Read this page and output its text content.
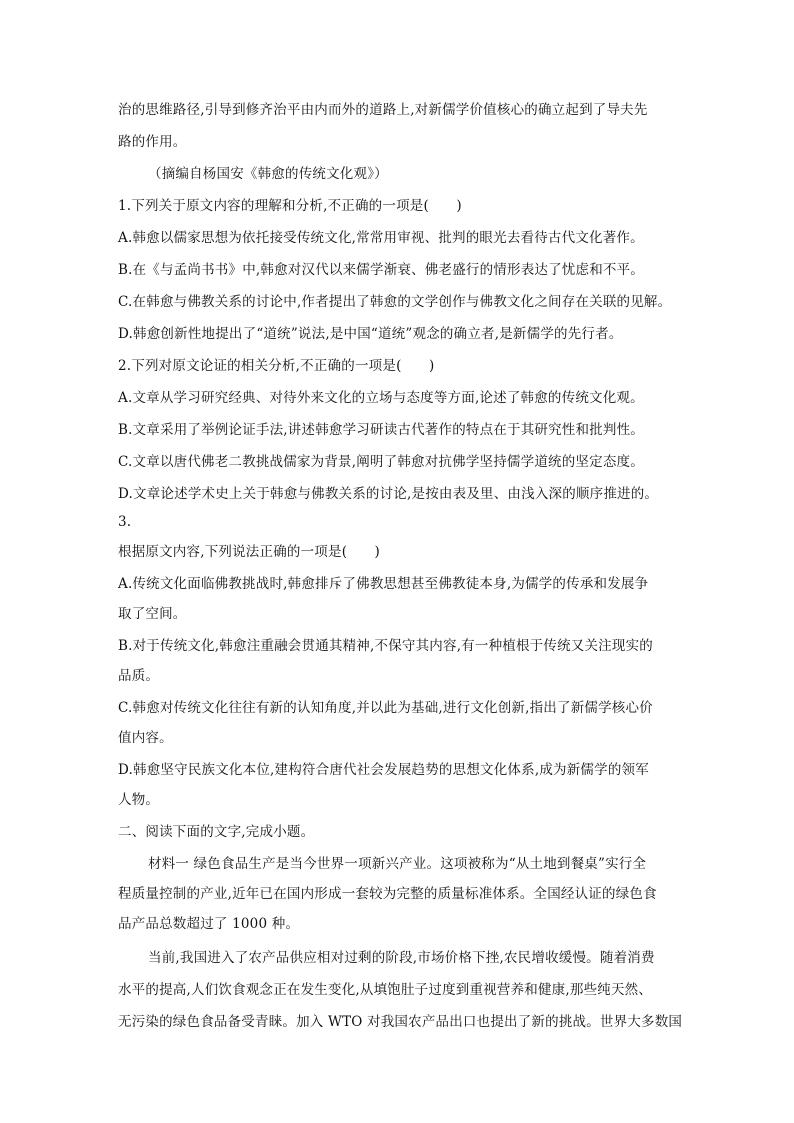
治的思维路径,引导到修齐治平由内而外的道路上,对新儒学价值核心的确立起到了导夫先
路的作用。
（摘编自杨国安《韩愈的传统文化观》）
1.下列关于原文内容的理解和分析,不正确的一项是(　　)
A.韩愈以儒家思想为依托接受传统文化,常常用审视、批判的眼光去看待古代文化著作。
B.在《与孟尚书书》中,韩愈对汉代以来儒学渐衰、佛老盛行的情形表达了忧虑和不平。
C.在韩愈与佛教关系的讨论中,作者提出了韩愈的文学创作与佛教文化之间存在关联的见解。
D.韩愈创新性地提出了“道统”说法,是中国“道统”观念的确立者,是新儒学的先行者。
2.下列对原文论证的相关分析,不正确的一项是(　　)
A.文章从学习研究经典、对待外来文化的立场与态度等方面,论述了韩愈的传统文化观。
B.文章采用了举例论证手法,讲述韩愈学习研读古代著作的特点在于其研究性和批判性。
C.文章以唐代佛老二教挑战儒家为背景,阐明了韩愈对抗佛学坚持儒学道统的坚定态度。
D.文章论述学术史上关于韩愈与佛教关系的讨论,是按由表及里、由浅入深的顺序推进的。
3.
根据原文内容,下列说法正确的一项是(　　)
A.传统文化面临佛教挑战时,韩愈排斥了佛教思想甚至佛教徒本身,为儒学的传承和发展争
取了空间。
B.对于传统文化,韩愈注重融会贯通其精神,不保守其内容,有一种植根于传统又关注现实的
品质。
C.韩愈对传统文化往往有新的认知角度,并以此为基础,进行文化创新,指出了新儒学核心价
值内容。
D.韩愈坚守民族文化本位,建构符合唐代社会发展趋势的思想文化体系,成为新儒学的领军
人物。
二、阅读下面的文字,完成小题。
材料一 绿色食品生产是当今世界一项新兴产业。这项被称为“从土地到餐桌”实行全
程质量控制的产业,近年已在国内形成一套较为完整的质量标准体系。全国经认证的绿色食
品产品总数超过了 1000 种。
当前,我国进入了农产品供应相对过剩的阶段,市场价格下挫,农民增收缓慢。随着消费
水平的提高,人们饮食观念正在发生变化,从填饱肚子过度到重视营养和健康,那些纯天然、
无污染的绿色食品备受青睐。加入 WTO 对我国农产品出口也提出了新的挑战。世界大多数国
